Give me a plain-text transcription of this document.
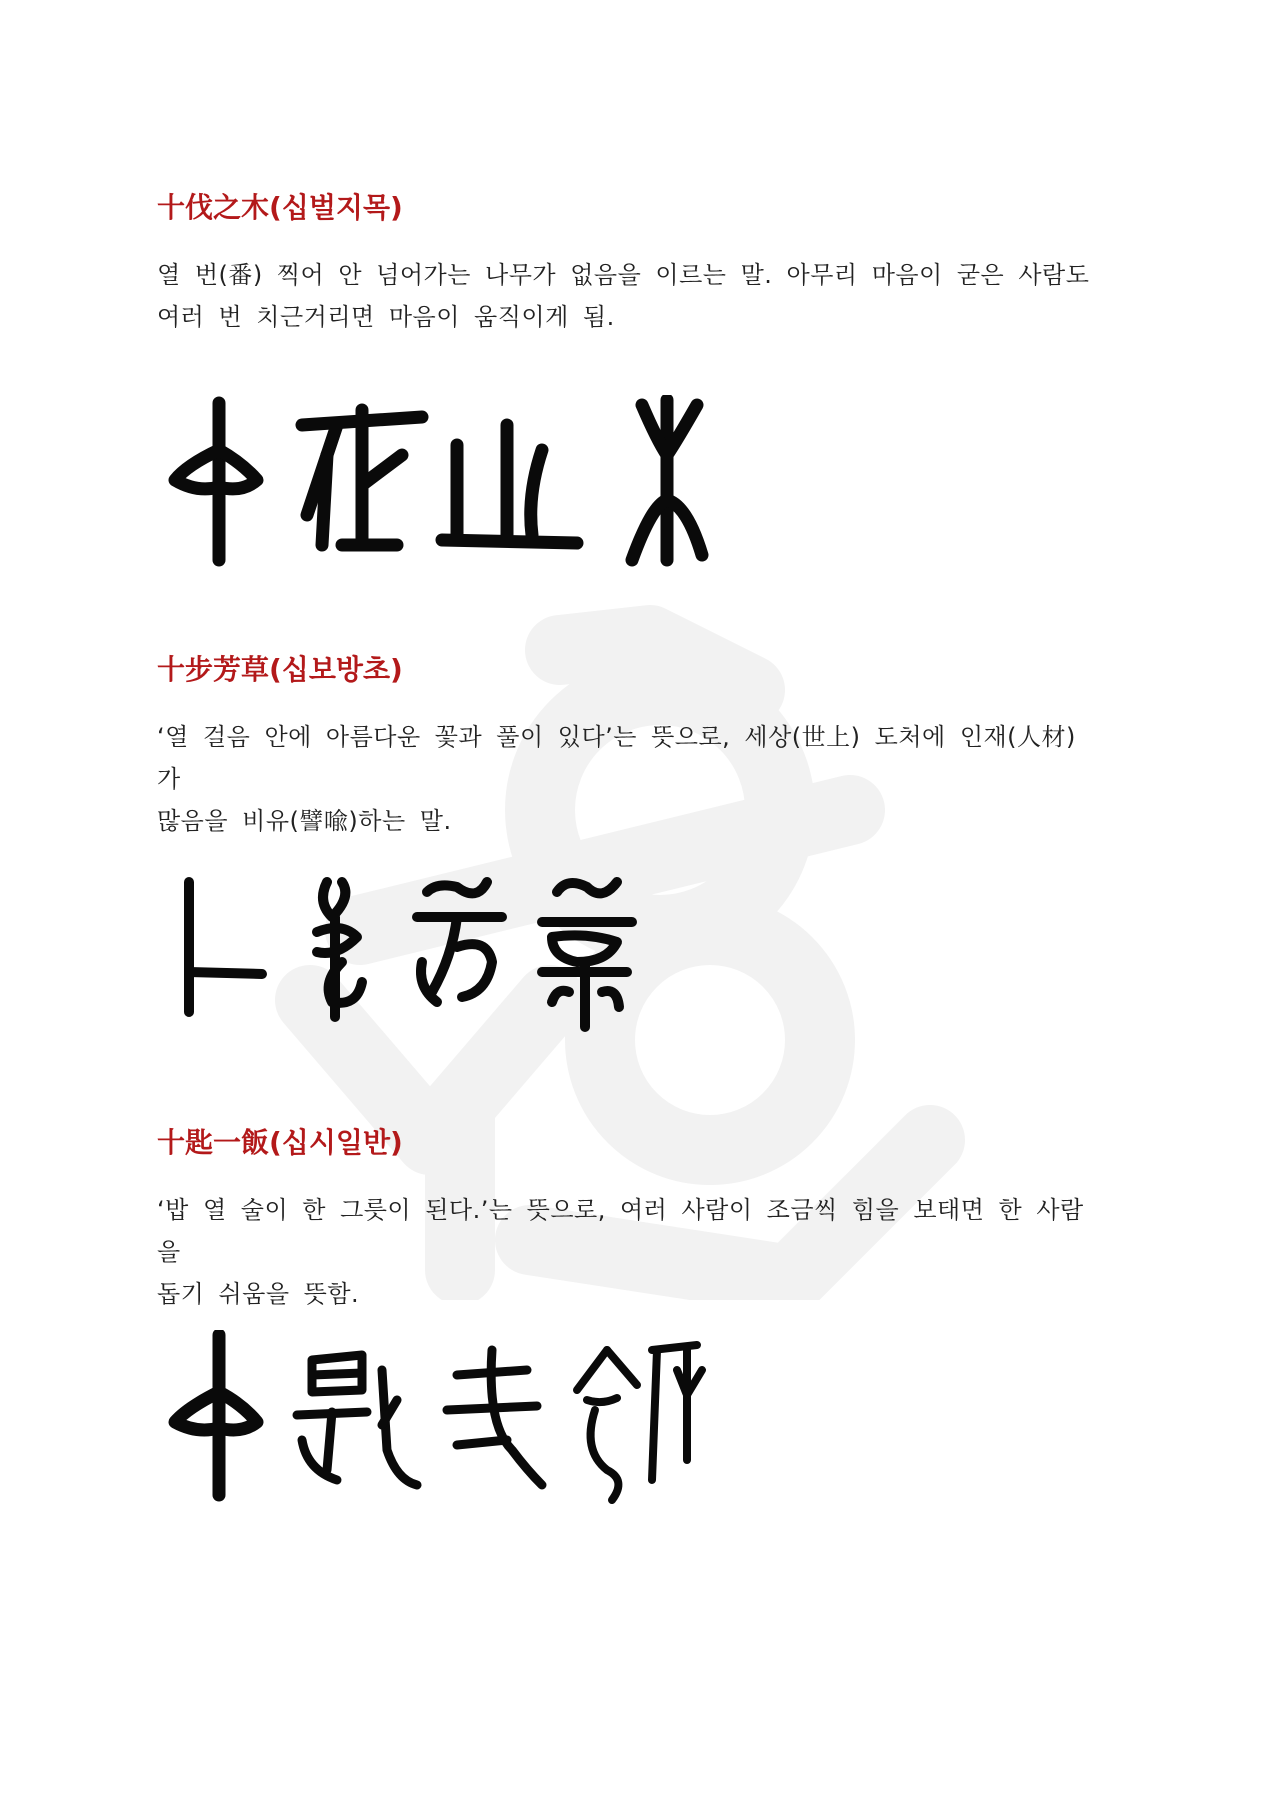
十伐之木(십벌지목)

열 번(番) 찍어 안 넘어가는 나무가 없음을 이르는 말. 아무리 마음이 굳은 사람도
여러 번 치근거리면 마음이 움직이게 됨.

十步芳草(십보방초)

‘열 걸음 안에 아름다운 꽃과 풀이 있다’는 뜻으로, 세상(世上) 도처에 인재(人材)가
많음을 비유(譬喩)하는 말.

十匙一飯(십시일반)

‘밥 열 술이 한 그릇이 된다.’는 뜻으로, 여러 사람이 조금씩 힘을 보태면 한 사람을
돕기 쉬움을 뜻함.
